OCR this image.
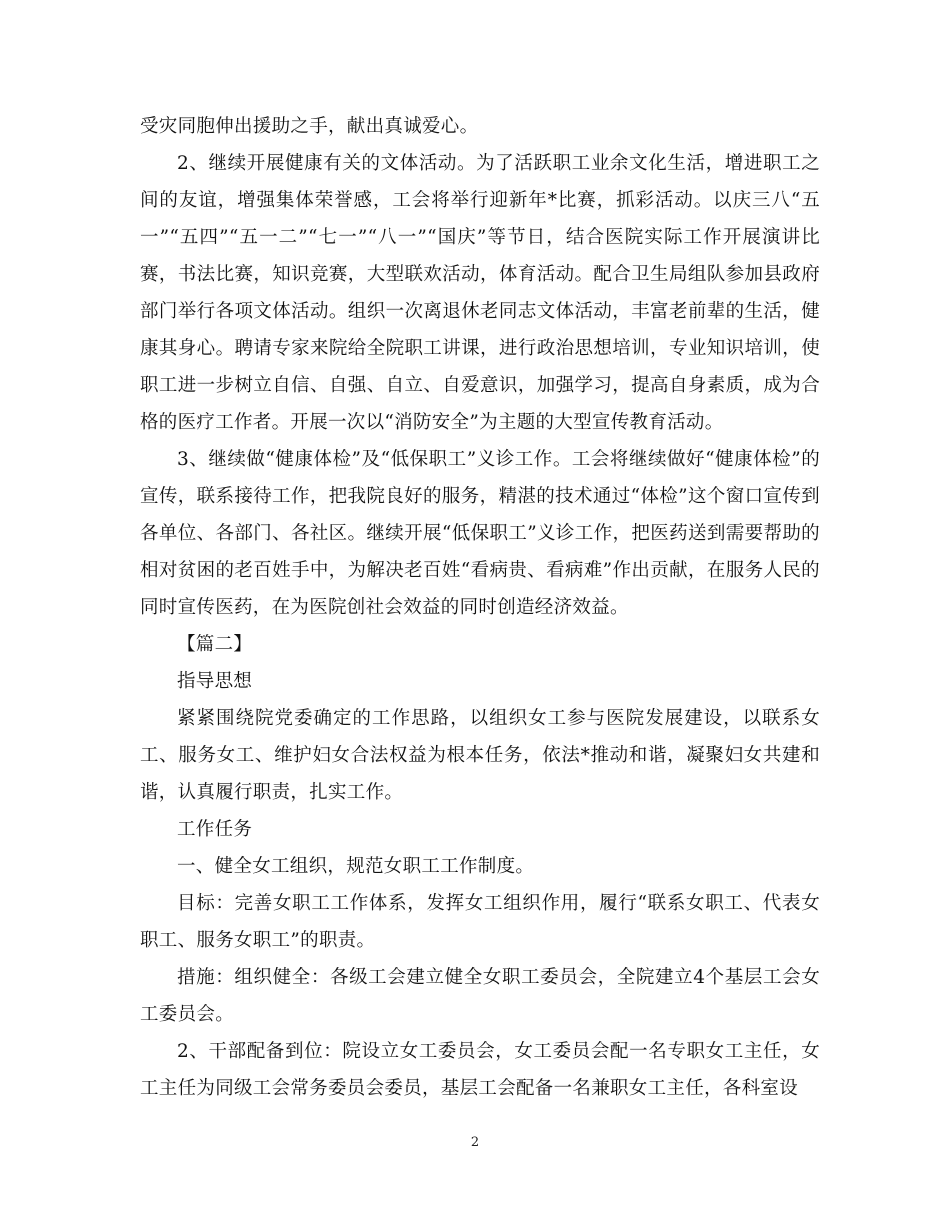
受灾同胞伸出援助之手，献出真诚爱心。

2、继续开展健康有关的文体活动。为了活跃职工业余文化生活，增进职工之间的友谊，增强集体荣誉感，工会将举行迎新年*比赛，抓彩活动。以庆三八“五一”“五四”“五一二”“七一”“八一”“国庆”等节日，结合医院实际工作开展演讲比赛，书法比赛，知识竞赛，大型联欢活动，体育活动。配合卫生局组队参加县政府部门举行各项文体活动。组织一次离退休老同志文体活动，丰富老前辈的生活，健康其身心。聘请专家来院给全院职工讲课，进行政治思想培训，专业知识培训，使职工进一步树立自信、自强、自立、自爱意识，加强学习，提高自身素质，成为合格的医疗工作者。开展一次以“消防安全”为主题的大型宣传教育活动。

3、继续做“健康体检”及“低保职工”义诊工作。工会将继续做好“健康体检”的宣传，联系接待工作，把我院良好的服务，精湛的技术通过“体检”这个窗口宣传到各单位、各部门、各社区。继续开展“低保职工”义诊工作，把医药送到需要帮助的相对贫困的老百姓手中，为解决老百姓“看病贵、看病难”作出贡献，在服务人民的同时宣传医药，在为医院创社会效益的同时创造经济效益。

【篇二】

指导思想

紧紧围绕院党委确定的工作思路，以组织女工参与医院发展建设，以联系女工、服务女工、维护妇女合法权益为根本任务，依法*推动和谐，凝聚妇女共建和谐，认真履行职责，扎实工作。

工作任务

一、健全女工组织，规范女职工工作制度。

目标：完善女职工工作体系，发挥女工组织作用，履行“联系女职工、代表女职工、服务女职工”的职责。

措施：组织健全：各级工会建立健全女职工委员会，全院建立4个基层工会女工委员会。

2、干部配备到位：院设立女工委员会，女工委员会配一名专职女工主任，女工主任为同级工会常务委员会委员，基层工会配备一名兼职女工主任，各科室设

2
